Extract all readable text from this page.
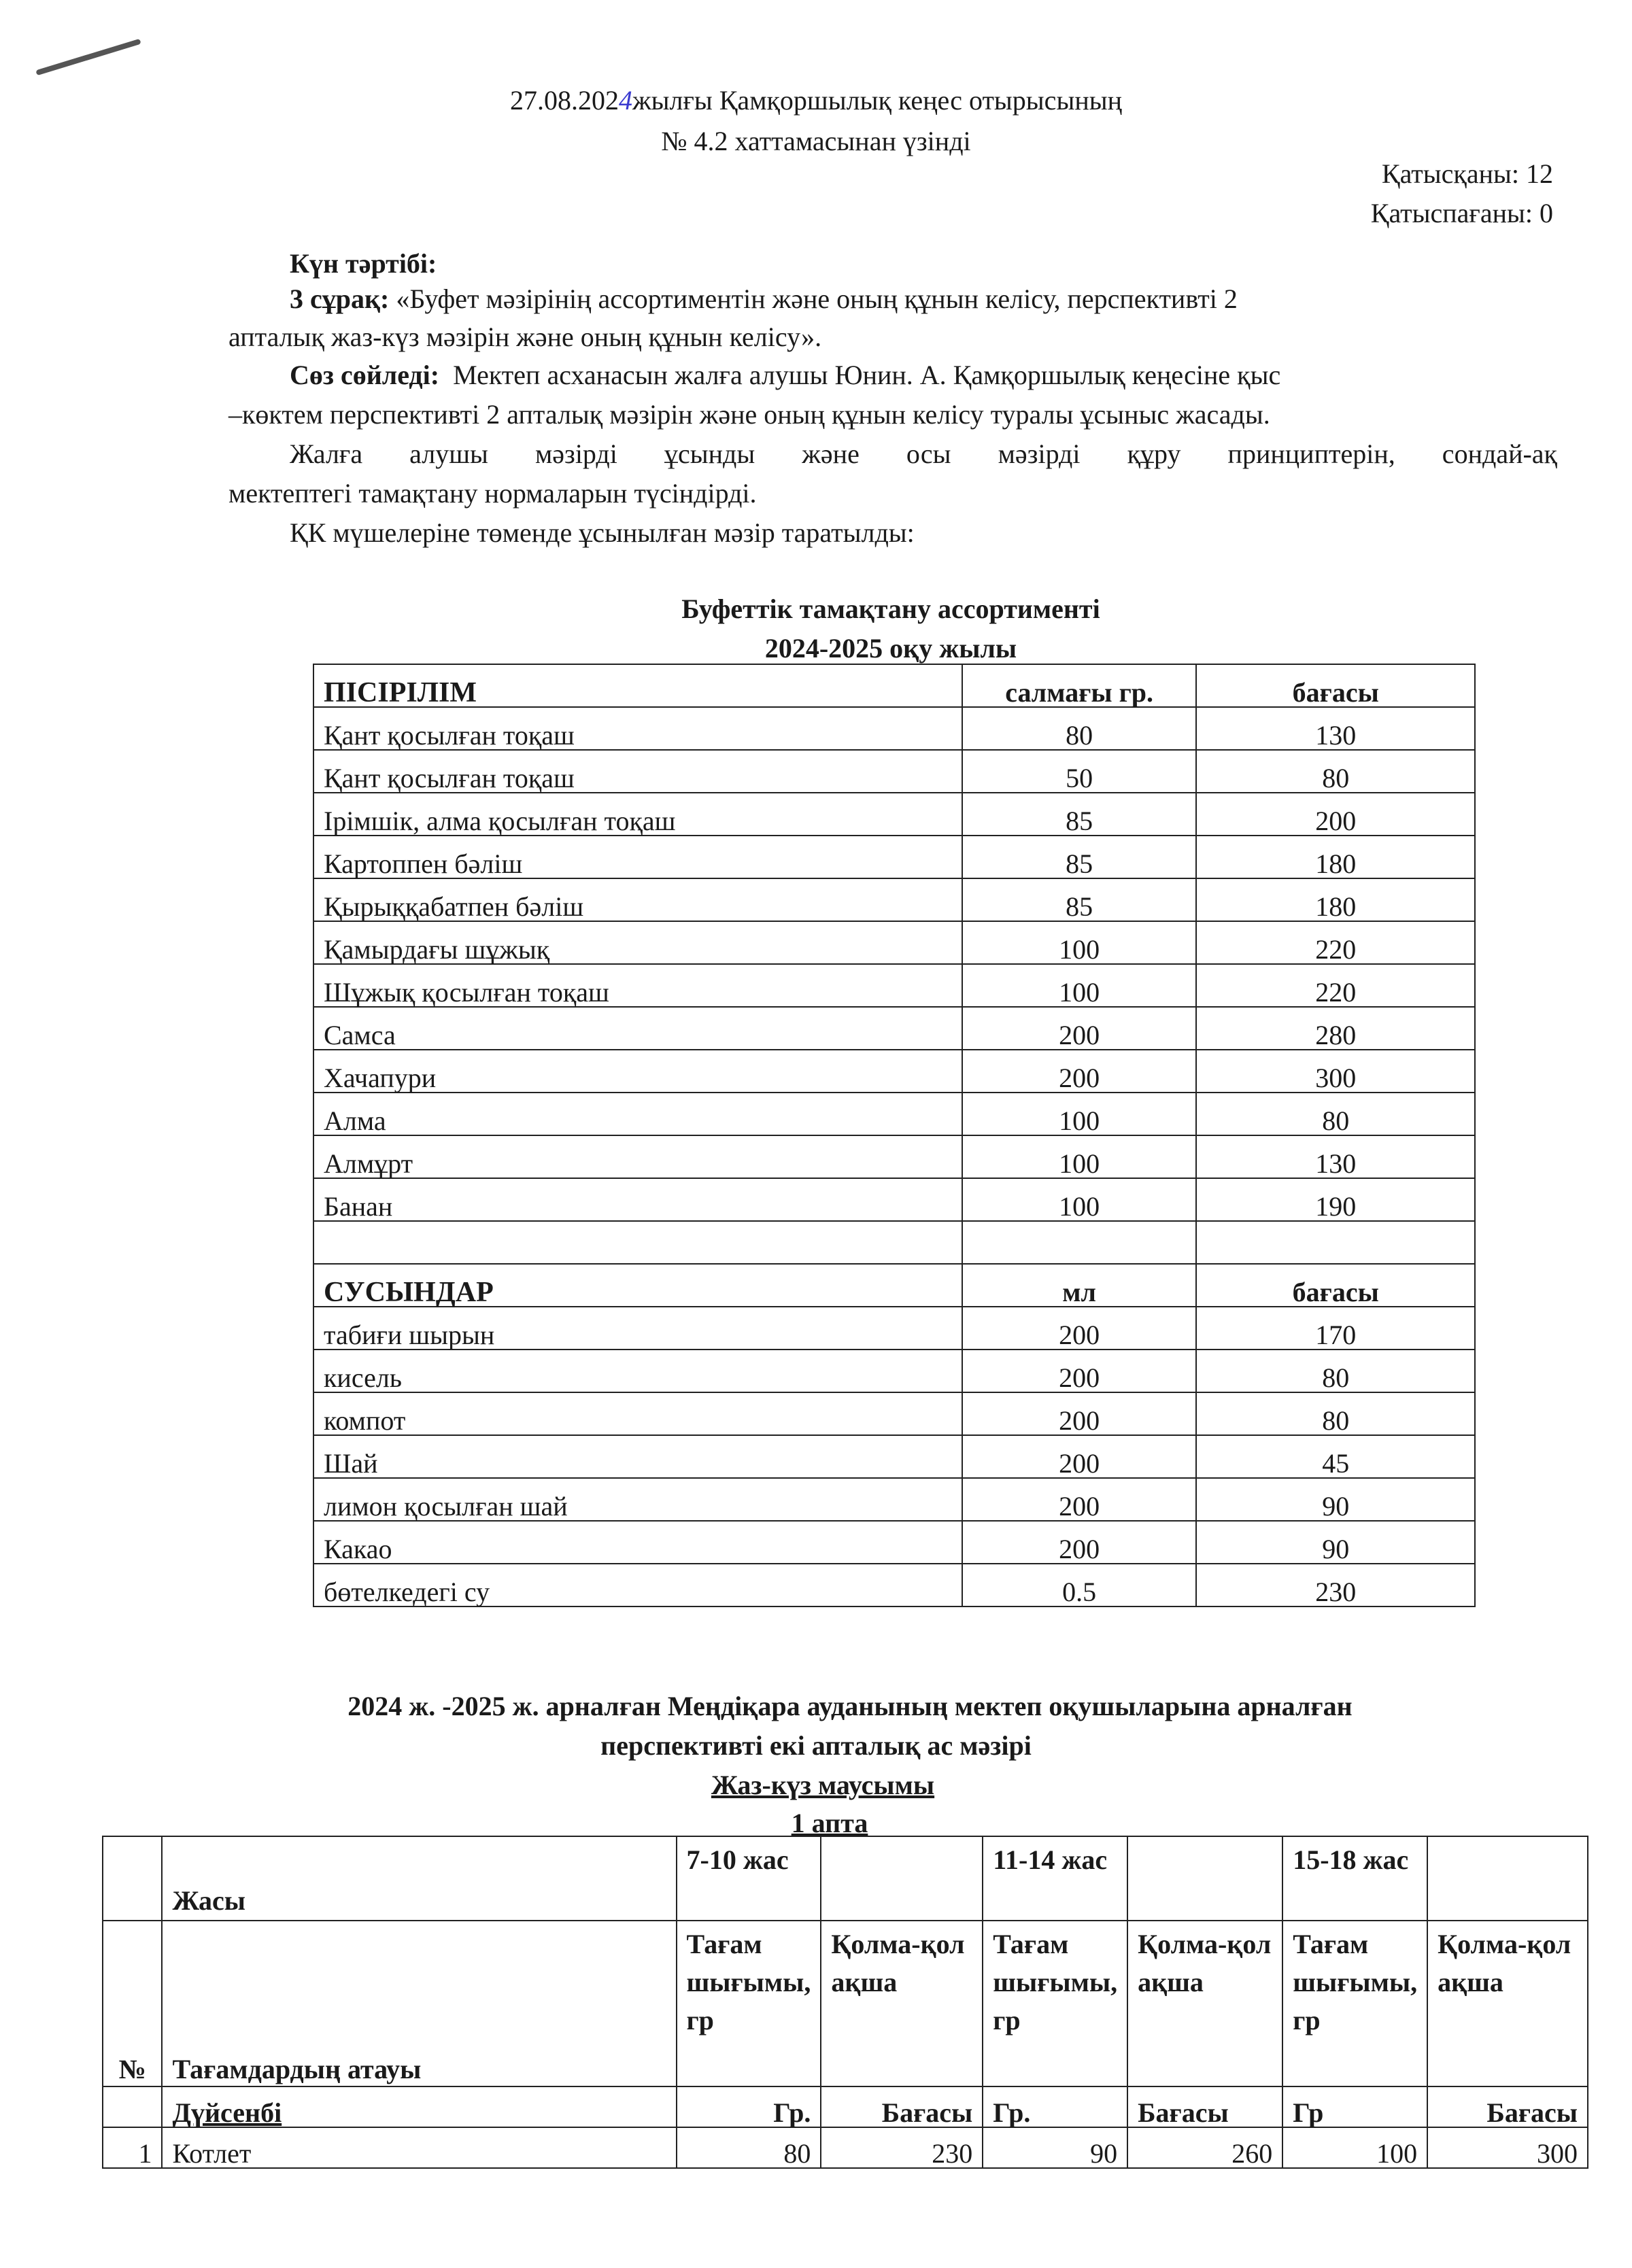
27.08.2024жылғы Қамқоршылық кеңес отырысының
№ 4.2 хаттамасынан үзінді
Қатысқаны: 12
Қатыспағаны: 0
Күн тәртібі:
3 сұрақ: «Буфет мәзірінің ассортиментін және оның құнын келісу, перспективті 2
апталық жаз-күз мәзірін және оның құнын келісу».
Сөз сөйледі: Мектеп асханасын жалға алушы Юнин. А. Қамқоршылық кеңесіне қыс
–көктем перспективті 2 апталық мәзірін және оның құнын келісу туралы ұсыныс жасады.
Жалға алушы мәзірді ұсынды және осы мәзірді құру принциптерін, сондай-ақ
мектептегі тамақтану нормаларын түсіндірді.
ҚК мүшелеріне төменде ұсынылған мәзір таратылды:
Буфеттік тамақтану ассортименті
2024-2025 оқу жылы
ПІСІРІЛІМ	салмағы гр.	бағасы
Қант қосылған тоқаш	80	130
Қант қосылған тоқаш	50	80
Ірімшік, алма қосылған тоқаш	85	200
Картоппен бәліш	85	180
Қырыққабатпен бәліш	85	180
Қамырдағы шұжық	100	220
Шұжық қосылған тоқаш	100	220
Самса	200	280
Хачапури	200	300
Алма	100	80
Алмұрт	100	130
Банан	100	190

СУСЫНДАР	мл	бағасы
табиғи шырын	200	170
кисель	200	80
компот	200	80
Шай	200	45
лимон қосылған шай	200	90
Какао	200	90
бөтелкедегі су	0.5	230
2024 ж. -2025 ж. арналған Меңдіқара ауданының мектеп оқушыларына арналған
перспективті екі апталық ас мәзірі
Жаз-күз маусымы
1 апта
	Жасы	7-10 жас		11-14 жас		15-18 жас	
№	Тағамдардың атауы	Тағам шығымы, гр	Қолма-қол ақша	Тағам шығымы, гр	Қолма-қол ақша	Тағам шығымы, гр	Қолма-қол ақша
	Дүйсенбі	Гр.	Бағасы	Гр.	Бағасы	Гр	Бағасы
1	Котлет	80	230	90	260	100	300
